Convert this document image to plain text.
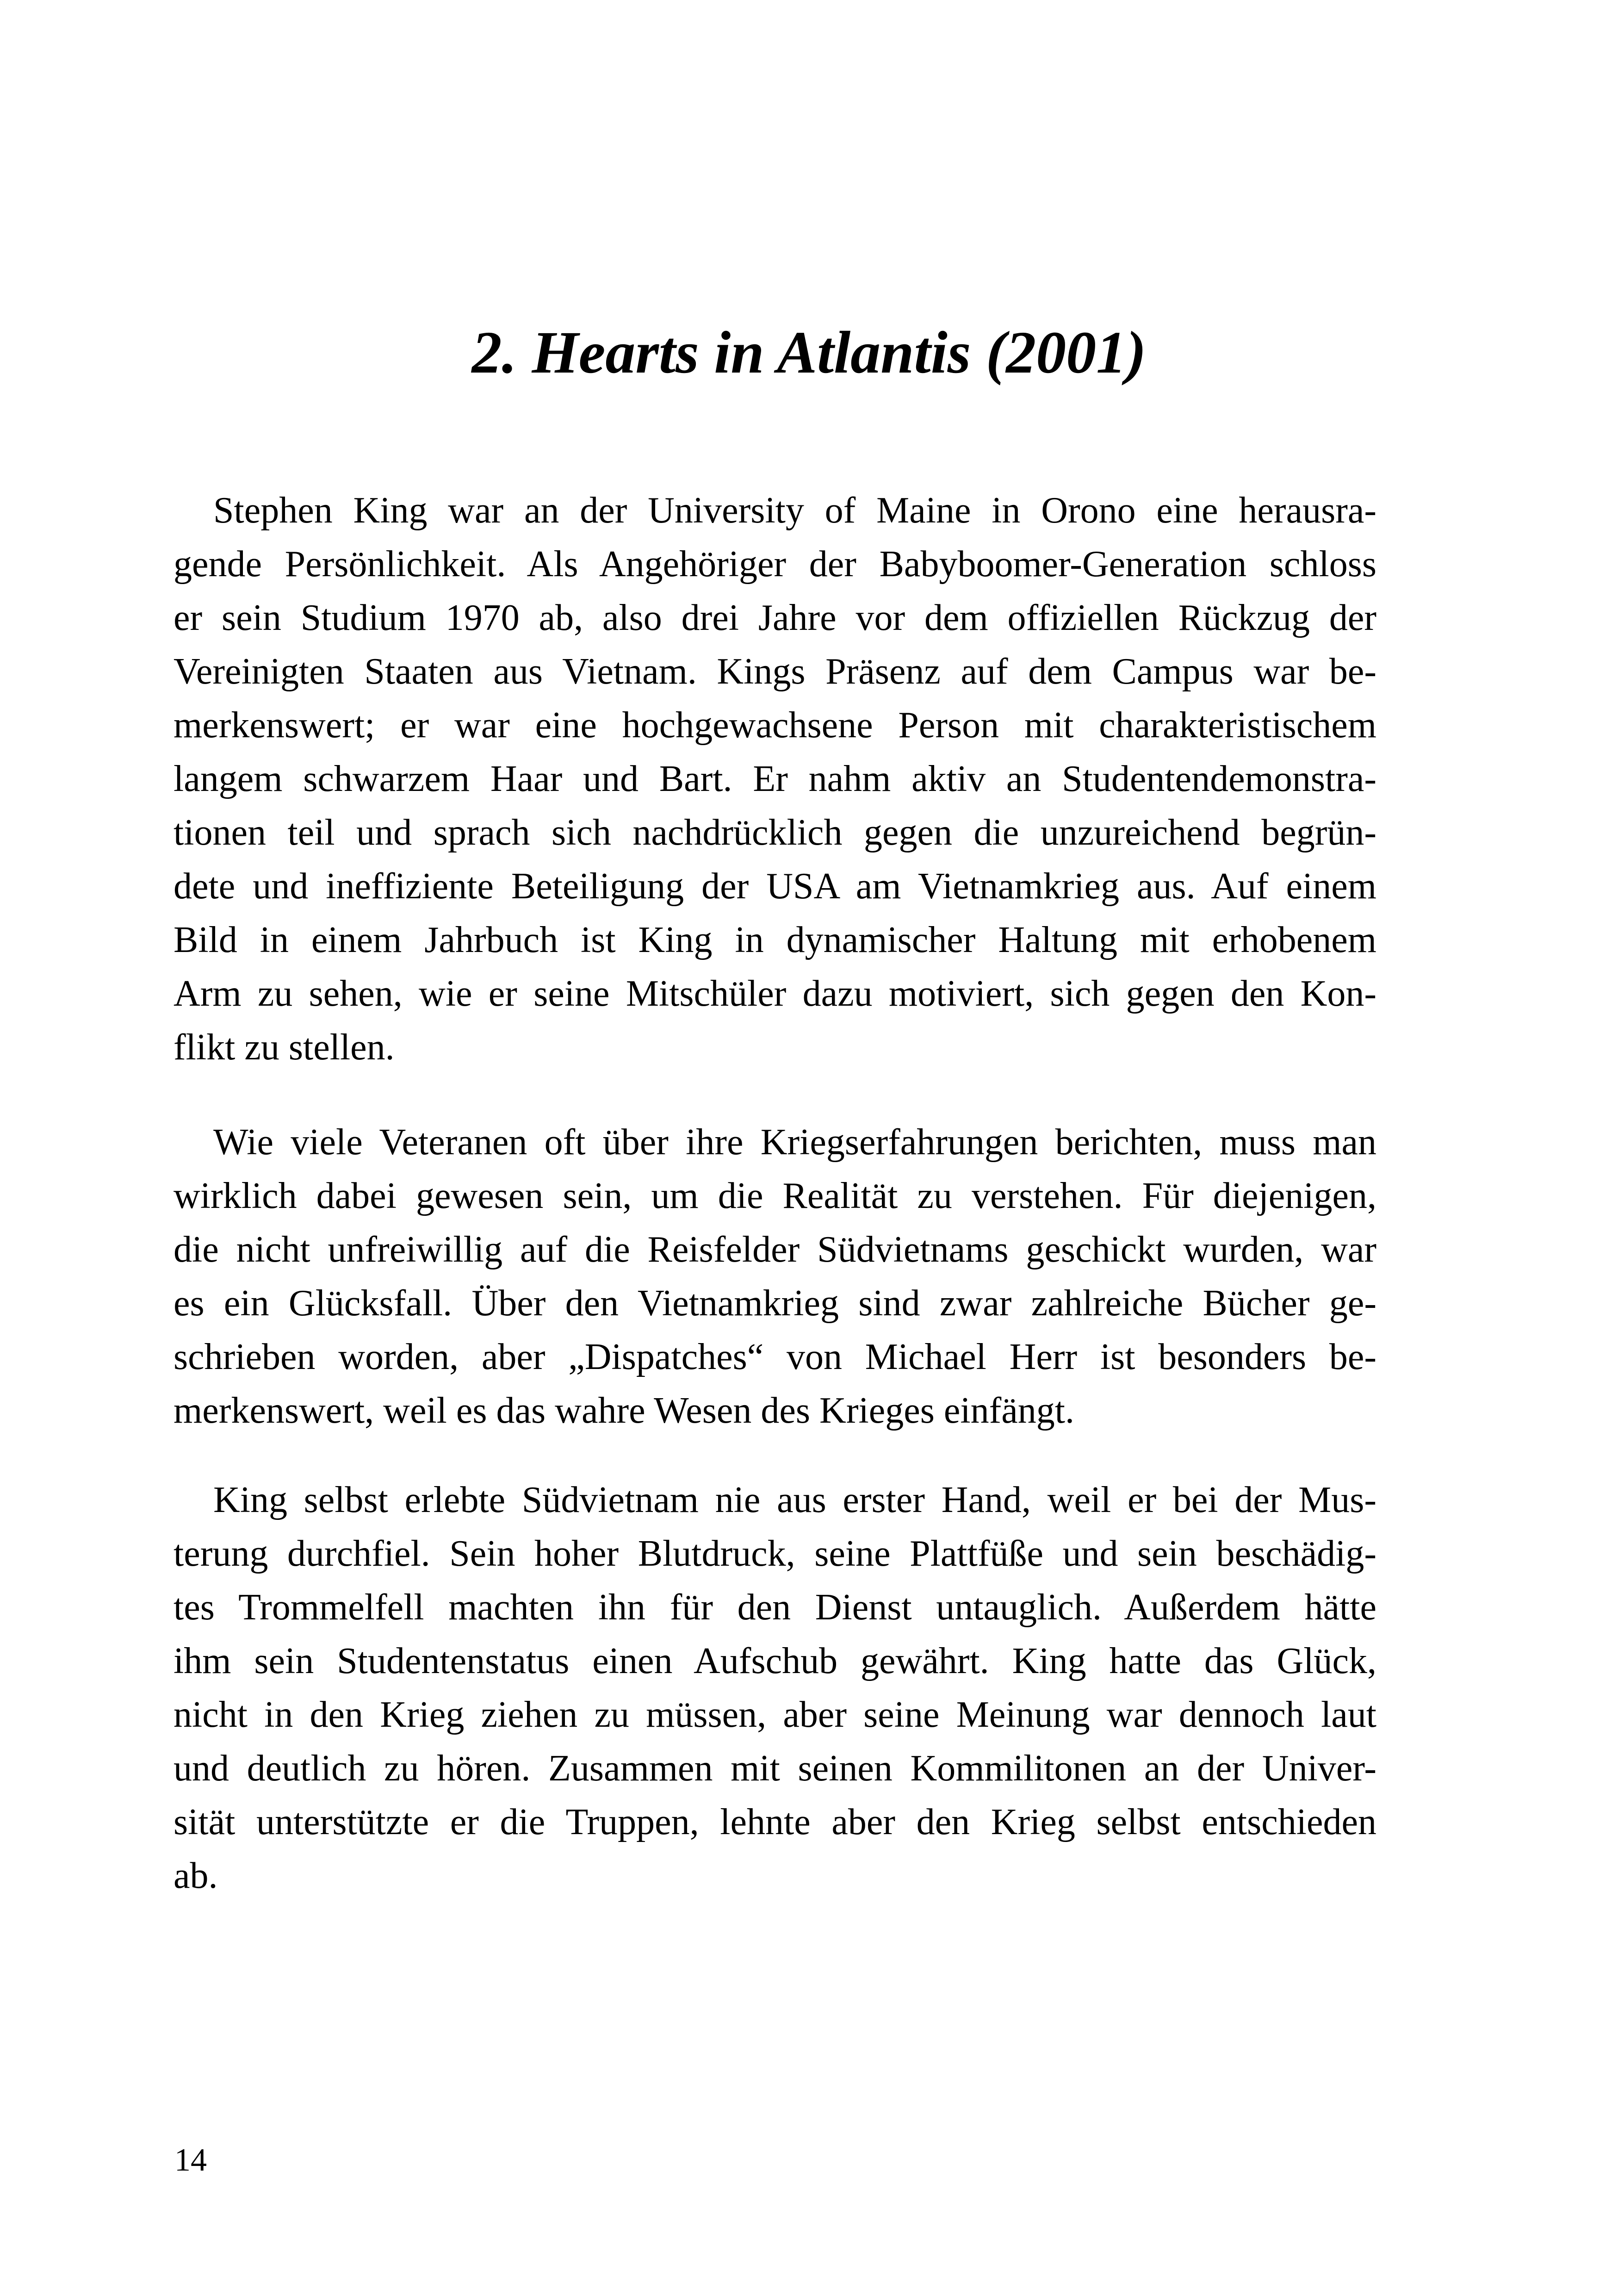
2. Hearts in Atlantis (2001)
Stephen King war an der University of Maine in Orono eine herausra-
gende Persönlichkeit. Als Angehöriger der Babyboomer-Generation schloss
er sein Studium 1970 ab, also drei Jahre vor dem offiziellen Rückzug der
Vereinigten Staaten aus Vietnam. Kings Präsenz auf dem Campus war be-
merkenswert; er war eine hochgewachsene Person mit charakteristischem
langem schwarzem Haar und Bart. Er nahm aktiv an Studentendemonstra-
tionen teil und sprach sich nachdrücklich gegen die unzureichend begrün-
dete und ineffiziente Beteiligung der USA am Vietnamkrieg aus. Auf einem
Bild in einem Jahrbuch ist King in dynamischer Haltung mit erhobenem
Arm zu sehen, wie er seine Mitschüler dazu motiviert, sich gegen den Kon-
flikt zu stellen.
Wie viele Veteranen oft über ihre Kriegserfahrungen berichten, muss man
wirklich dabei gewesen sein, um die Realität zu verstehen. Für diejenigen,
die nicht unfreiwillig auf die Reisfelder Südvietnams geschickt wurden, war
es ein Glücksfall. Über den Vietnamkrieg sind zwar zahlreiche Bücher ge-
schrieben worden, aber „Dispatches“ von Michael Herr ist besonders be-
merkenswert, weil es das wahre Wesen des Krieges einfängt.
King selbst erlebte Südvietnam nie aus erster Hand, weil er bei der Mus-
terung durchfiel. Sein hoher Blutdruck, seine Plattfüße und sein beschädig-
tes Trommelfell machten ihn für den Dienst untauglich. Außerdem hätte
ihm sein Studentenstatus einen Aufschub gewährt. King hatte das Glück,
nicht in den Krieg ziehen zu müssen, aber seine Meinung war dennoch laut
und deutlich zu hören. Zusammen mit seinen Kommilitonen an der Univer-
sität unterstützte er die Truppen, lehnte aber den Krieg selbst entschieden
ab.
14
